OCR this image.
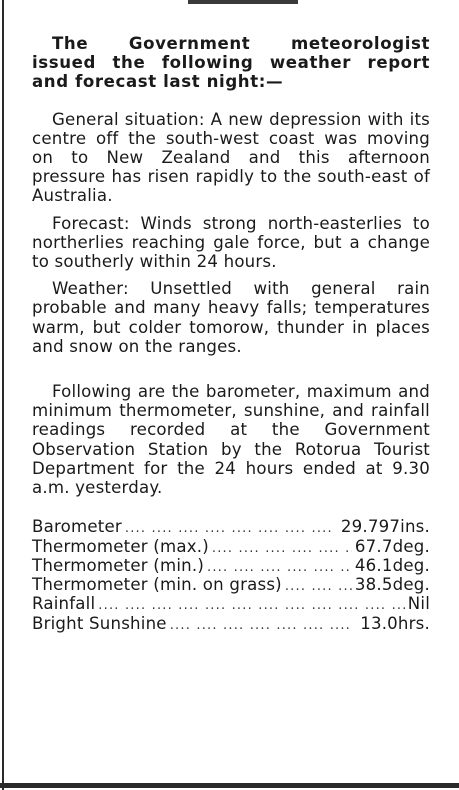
The Government meteorologist issued the following weather report and forecast last night:—

General situation: A new depression with its centre off the south-west coast was moving on to New Zealand and this afternoon pressure has risen rapidly to the south-east of Australia.

Forecast: Winds strong north-easterlies to northerlies reaching gale force, but a change to southerly within 24 hours.

Weather: Unsettled with general rain probable and many heavy falls; temperatures warm, but colder tomorow, thunder in places and snow on the ranges.

Following are the barometer, maximum and minimum thermometer, sunshine, and rainfall readings recorded at the Government Observation Station by the Rotorua Tourist Department for the 24 hours ended at 9.30 a.m. yesterday.

Barometer ....	29.797ins.
Thermometer (max.) ....	67.7deg.
Thermometer (min.) ....	46.1deg.
Thermometer (min. on grass) ....	38.5deg.
Rainfall ....	Nil
Bright Sunshine ....	13.0hrs.
